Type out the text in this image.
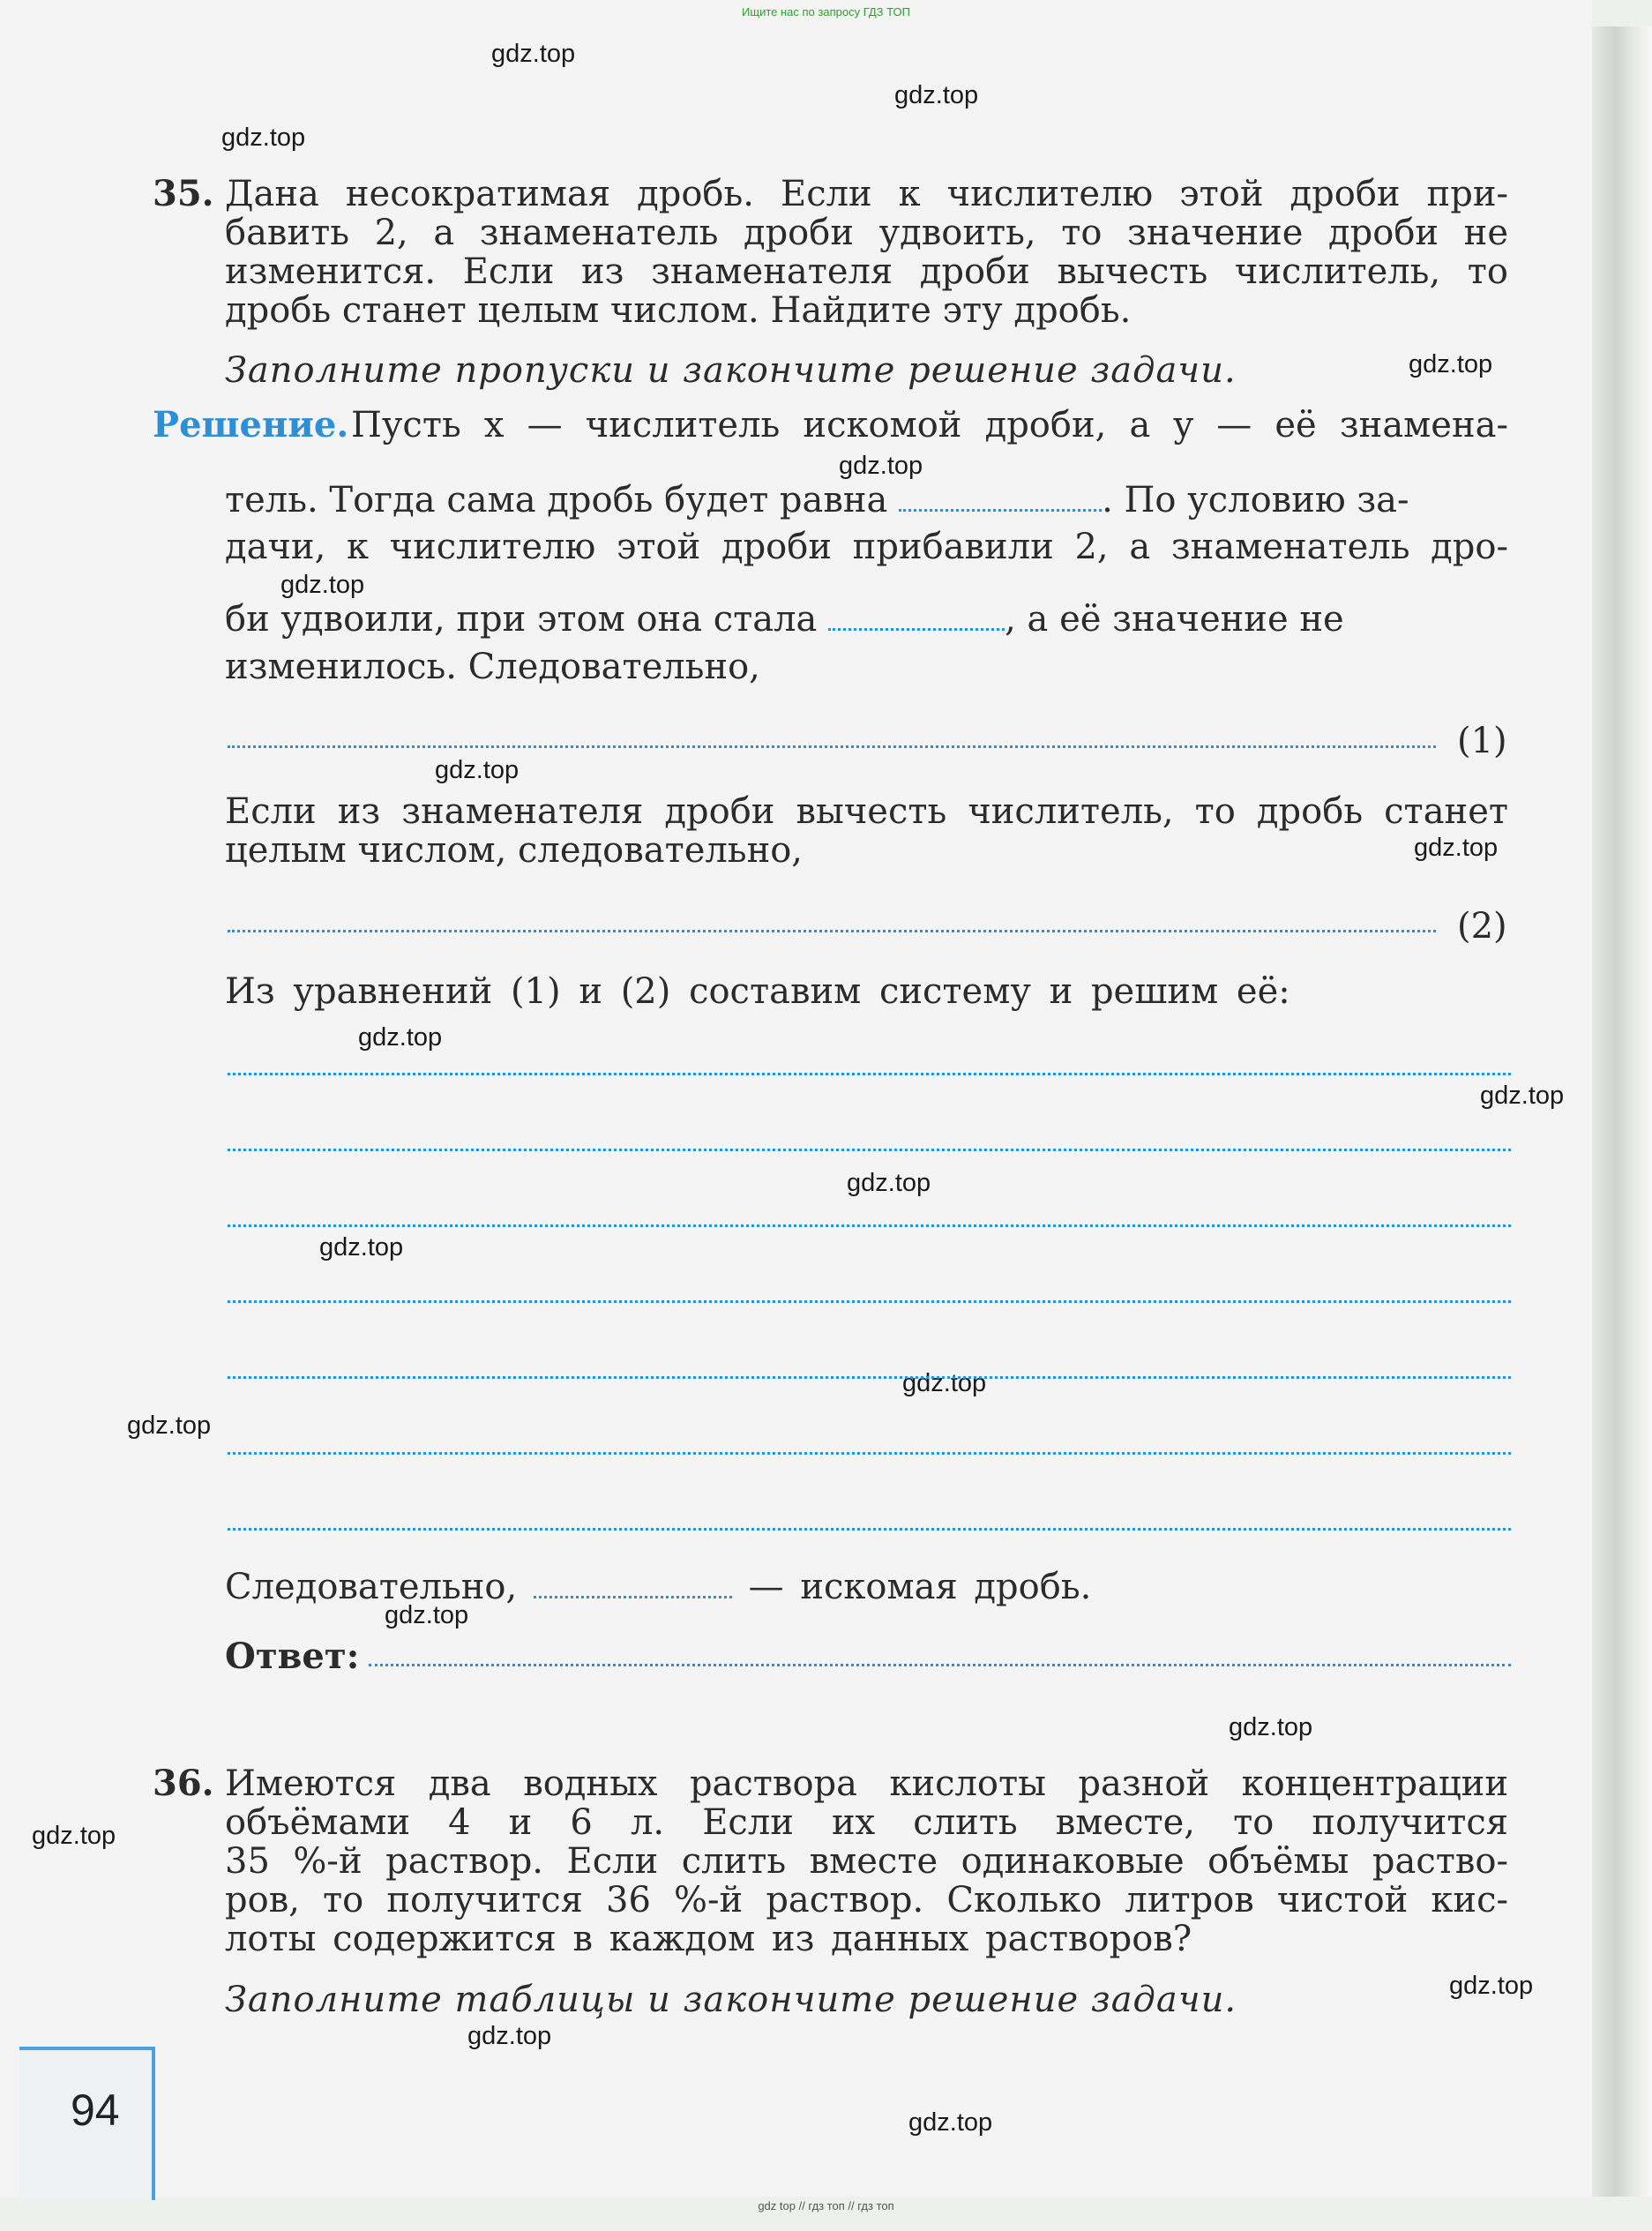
Ищите нас по запросу ГДЗ ТОП
gdz.top
gdz.top
gdz.top
gdz.top
gdz.top
gdz.top
gdz.top
gdz.top
gdz.top
gdz.top
gdz.top
gdz.top
gdz.top
gdz.top
gdz.top
gdz.top
gdz.top
gdz.top
gdz.top
gdz.top
35. Дана несократимая дробь. Если к числителю этой дроби при-
бавить 2, а знаменатель дроби удвоить, то значение дроби не
изменится. Если из знаменателя дроби вычесть числитель, то
дробь станет целым числом. Найдите эту дробь.
Заполните пропуски и закончите решение задачи.
Решение. Пусть x — числитель искомой дроби, а y — её знамена-
тель. Тогда сама дробь будет равна	. По условию за-
дачи, к числителю этой дроби прибавили 2, а знаменатель дро-
би удвоили, при этом она стала	, а её значение не
изменилось. Следовательно,
(1)
Если из знаменателя дроби вычесть числитель, то дробь станет
целым числом, следовательно,
(2)
Из уравнений (1) и (2) составим систему и решим её:
Следовательно,	— искомая дробь.
Ответ:
36. Имеются два водных раствора кислоты разной концентрации
объёмами 4 и 6 л. Если их слить вместе, то получится
35 %-й раствор. Если слить вместе одинаковые объёмы раство-
ров, то получится 36 %-й раствор. Сколько литров чистой кис-
лоты содержится в каждом из данных растворов?
Заполните таблицы и закончите решение задачи.
94
gdz top // гдз топ // гдз топ
